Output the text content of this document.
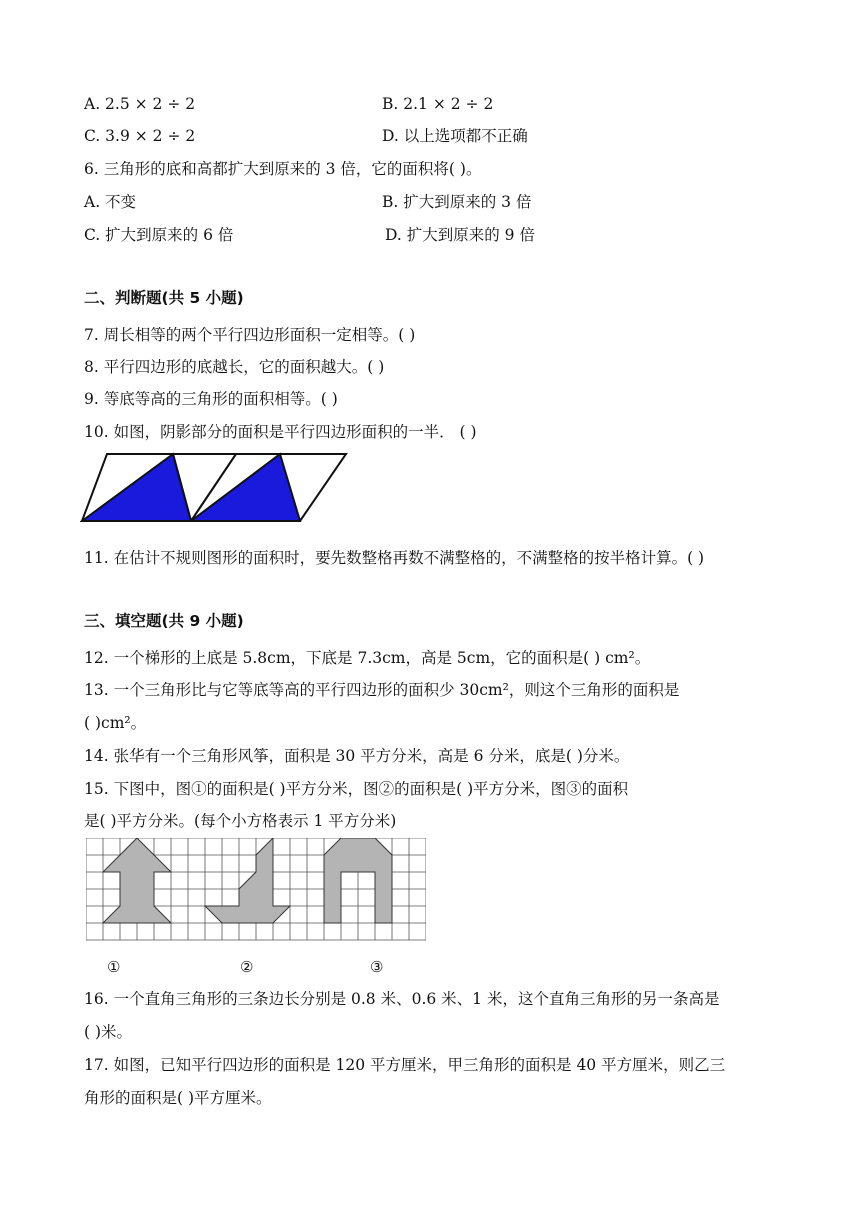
A. 2.5 × 2 ÷ 2	B. 2.1 × 2 ÷ 2
C. 3.9 × 2 ÷ 2	D. 以上选项都不正确
6. 三角形的底和高都扩大到原来的 3 倍，它的面积将( )。
A. 不变	B. 扩大到原来的 3 倍
C. 扩大到原来的 6 倍	D. 扩大到原来的 9 倍
二、判断题(共 5 小题)
7. 周长相等的两个平行四边形面积一定相等。( )
8. 平行四边形的底越长，它的面积越大。( )
9. 等底等高的三角形的面积相等。( )
10. 如图，阴影部分的面积是平行四边形面积的一半． ( )
11. 在估计不规则图形的面积时，要先数整格再数不满整格的，不满整格的按半格计算。( )
三、填空题(共 9 小题)
12. 一个梯形的上底是 5.8cm，下底是 7.3cm，高是 5cm，它的面积是( ) cm²。
13. 一个三角形比与它等底等高的平行四边形的面积少 30cm²，则这个三角形的面积是
( )cm²。
14. 张华有一个三角形风筝，面积是 30 平方分米，高是 6 分米，底是( )分米。
15. 下图中，图①的面积是( )平方分米，图②的面积是( )平方分米，图③的面积
是( )平方分米。(每个小方格表示 1 平方分米)
①	②	③
16. 一个直角三角形的三条边长分别是 0.8 米、0.6 米、1 米，这个直角三角形的另一条高是
( )米。
17. 如图，已知平行四边形的面积是 120 平方厘米，甲三角形的面积是 40 平方厘米，则乙三
角形的面积是( )平方厘米。
